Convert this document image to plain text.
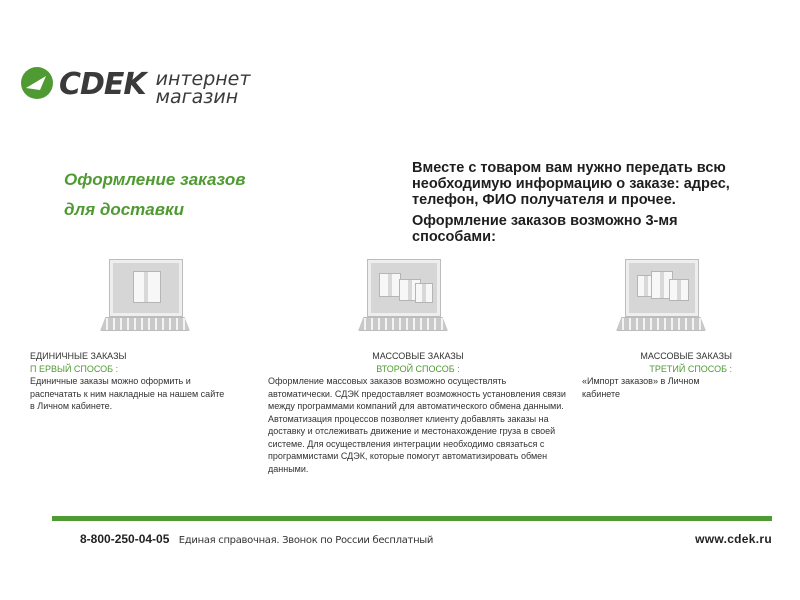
CDEK интернет
магазин
Оформление заказов
для доставки

Вместе с товаром вам нужно передать всю необходимую информацию о заказе: адрес, телефон, ФИО получателя и прочее.

Оформление заказов возможно 3-мя способами:

ЕДИНИЧНЫЕ ЗАКАЗЫ
П ЕРВЫЙ СПОСОБ :
Единичные заказы можно оформить и распечатать к ним накладные на нашем сайте в Личном кабинете.
МАССОВЫЕ ЗАКАЗЫ
ВТОРОЙ СПОСОБ :
Оформление массовых заказов возможно осуществлять автоматически. СДЭК предоставляет возможность установления связи между программами компаний для автоматического обмена данными. Автоматизация процессов позволяет клиенту добавлять заказы на доставку и отслеживать движение и местонахождение груза в своей системе. Для осуществления интеграции необходимо связаться с программистами СДЭК, которые помогут автоматизировать обмен данными.
МАССОВЫЕ ЗАКАЗЫ
ТРЕТИЙ СПОСОБ :
«Импорт заказов» в Личном кабинете
8-800-250-04-05 Единая справочная. Звонок по России бесплатный	www.cdek.ru
